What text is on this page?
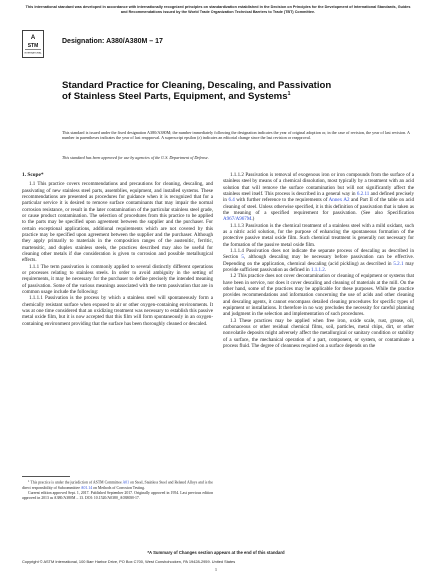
This international standard was developed in accordance with internationally recognized principles on standardization established in the Decision on Principles for the Development of International Standards, Guides and Recommendations issued by the World Trade Organization Technical Barriers to Trade (TBT) Committee.
A
STM
INTERNATIONAL
Designation: A380/A380M – 17
Standard Practice for Cleaning, Descaling, and Passivation of Stainless Steel Parts, Equipment, and Systems$^1$
This standard is issued under the fixed designation A380/A380M; the number immediately following the designation indicates the year of original adoption or, in the case of revision, the year of last revision. A number in parentheses indicates the year of last reapproval. A superscript epsilon (ε) indicates an editorial change since the last revision or reapproval.
This standard has been approved for use by agencies of the U.S. Department of Defense.
1. Scope*

1.1 This practice covers recommendations and precautions for cleaning, descaling, and passivating of new stainless steel parts, assemblies, equipment, and installed systems. These recommendations are presented as procedures for guidance when it is recognized that for a particular service it is desired to remove surface contaminants that may impair the normal corrosion resistance, or result in the later contamination of the particular stainless steel grade, or cause product contamination. The selection of procedures from this practice to be applied to the parts may be specified upon agreement between the supplier and the purchaser. For certain exceptional applications, additional requirements which are not covered by this practice may be specified upon agreement between the supplier and the purchaser. Although they apply primarily to materials in the composition ranges of the austenitic, ferritic, martensitic, and duplex stainless steels, the practices described may also be useful for cleaning other metals if due consideration is given to corrosion and possible metallurgical effects.

1.1.1 The term passivation is commonly applied to several distinctly different operations or processes relating to stainless steels. In order to avoid ambiguity in the setting of requirements, it may be necessary for the purchaser to define precisely the intended meaning of passivation. Some of the various meanings associated with the term passivation that are in common usage include the following:

1.1.1.1 Passivation is the process by which a stainless steel will spontaneously form a chemically resistant surface when exposed to air or other oxygen-containing environments. It was at one time considered that an oxidizing treatment was necessary to establish this passive metal oxide film, but it is now accepted that this film will form spontaneously in an oxygen-containing environment providing that the surface has been thoroughly cleaned or descaled.

1.1.1.2 Passivation is removal of exogenous iron or iron compounds from the surface of a stainless steel by means of a chemical dissolution, most typically by a treatment with an acid solution that will remove the surface contamination but will not significantly affect the stainless steel itself. This process is described in a general way in 6.2.11 and defined precisely in 6.4 with further reference to the requirements of Annex A2 and Part II of the table on acid cleaning of steel. Unless otherwise specified, it is this definition of passivation that is taken as the meaning of a specified requirement for passivation. (See also Specification A967/A967M.)

1.1.1.3 Passivation is the chemical treatment of a stainless steel with a mild oxidant, such as a nitric acid solution, for the purpose of enhancing the spontaneous formation of the protective passive metal oxide film. Such chemical treatment is generally not necessary for the formation of the passive metal oxide film.

1.1.1.4 Passivation does not indicate the separate process of descaling as described in Section 5, although descaling may be necessary before passivation can be effective. Depending on the application, chemical descaling (acid pickling) as described in 5.2.1 may provide sufficient passivation as defined in 1.1.1.2.

1.2 This practice does not cover decontamination or cleaning of equipment or systems that have been in service, nor does it cover descaling and cleaning of materials at the mill. On the other hand, some of the practices may be applicable for these purposes. While the practice provides recommendations and information concerning the use of acids and other cleaning and descaling agents, it cannot encompass detailed cleaning procedures for specific types of equipment or installations. It therefore in no way precludes the necessity for careful planning and judgment in the selection and implementation of such procedures.

1.3 These practices may be applied when free iron, oxide scale, rust, grease, oil, carbonaceous or other residual chemical films, soil, particles, metal chips, dirt, or other nonvolatile deposits might adversely affect the metallurgical or sanitary condition or stability of a surface, the mechanical operation of a part, component, or system, or contaminate a process fluid. The degree of cleanness required on a surface depends on the

$^1$ This practice is under the jurisdiction of ASTM Committee A01 on Steel, Stainless Steel and Related Alloys and is the direct responsibility of Subcommittee A01.14 on Methods of Corrosion Testing.

Current edition approved Sept. 1, 2017. Published September 2017. Originally approved in 1954. Last previous edition approved in 2013 as A380/A380M – 13. DOI: 10.1520/A0380_A0380M-17.

*A Summary of Changes section appears at the end of this standard
Copyright © ASTM International, 100 Barr Harbor Drive, PO Box C700, West Conshohocken, PA 19428-2959. United States
1
